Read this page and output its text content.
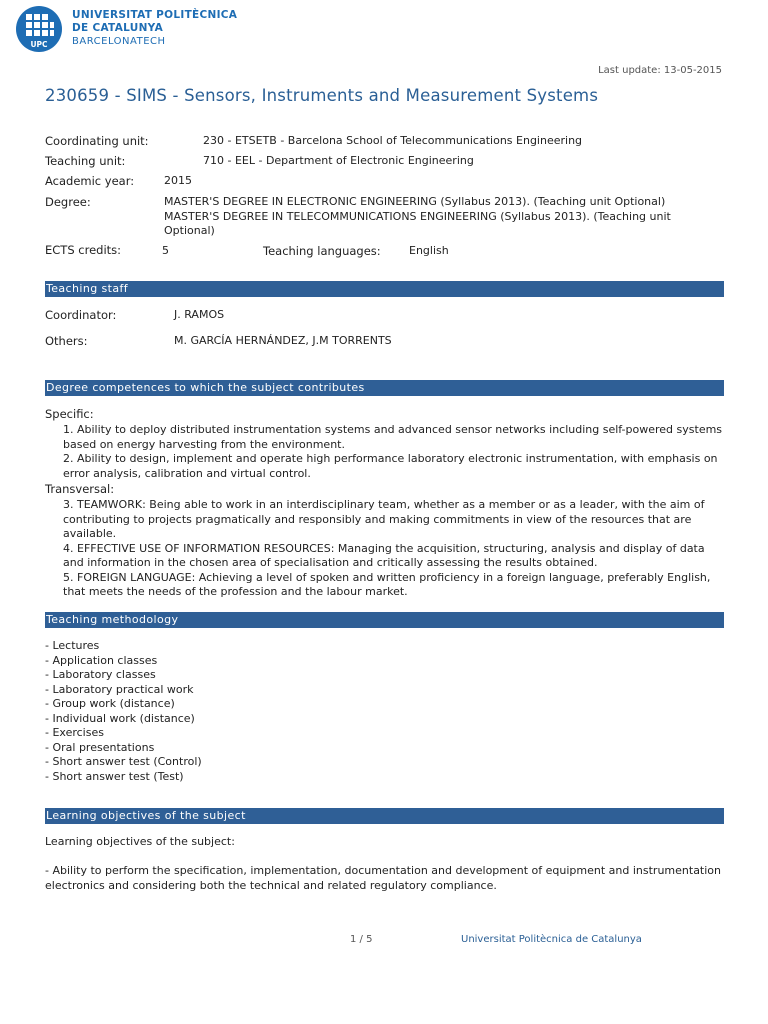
UPC
UNIVERSITAT POLITÈCNICA
DE CATALUNYA
BARCELONATECH
Last update: 13-05-2015
230659 - SIMS - Sensors, Instruments and Measurement Systems
Coordinating unit:	230 - ETSETB - Barcelona School of Telecommunications Engineering
Teaching unit:	710 - EEL - Department of Electronic Engineering
Academic year:	2015
Degree:	MASTER'S DEGREE IN ELECTRONIC ENGINEERING (Syllabus 2013). (Teaching unit Optional)
MASTER'S DEGREE IN TELECOMMUNICATIONS ENGINEERING (Syllabus 2013). (Teaching unit
Optional)
ECTS credits:	5	Teaching languages:	English
Teaching staff
Coordinator:	J. RAMOS
Others:	M. GARCÍA HERNÁNDEZ, J.M TORRENTS
Degree competences to which the subject contributes
Specific:
1. Ability to deploy distributed instrumentation systems and advanced sensor networks including self-powered systems
based on energy harvesting from the environment.
2. Ability to design, implement and operate high performance laboratory electronic instrumentation, with emphasis on
error analysis, calibration and virtual control.
Transversal:
3. TEAMWORK: Being able to work in an interdisciplinary team, whether as a member or as a leader, with the aim of
contributing to projects pragmatically and responsibly and making commitments in view of the resources that are
available.
4. EFFECTIVE USE OF INFORMATION RESOURCES: Managing the acquisition, structuring, analysis and display of data
and information in the chosen area of specialisation and critically assessing the results obtained.
5. FOREIGN LANGUAGE: Achieving a level of spoken and written proficiency in a foreign language, preferably English,
that meets the needs of the profession and the labour market.
Teaching methodology
- Lectures
- Application classes
- Laboratory classes
- Laboratory practical work
- Group work (distance)
- Individual work (distance)
- Exercises
- Oral presentations
- Short answer test (Control)
- Short answer test (Test)
Learning objectives of the subject
Learning objectives of the subject:
- Ability to perform the specification, implementation, documentation and development of equipment and instrumentation
electronics and considering both the technical and related regulatory compliance.
1 / 5	Universitat Politècnica de Catalunya
